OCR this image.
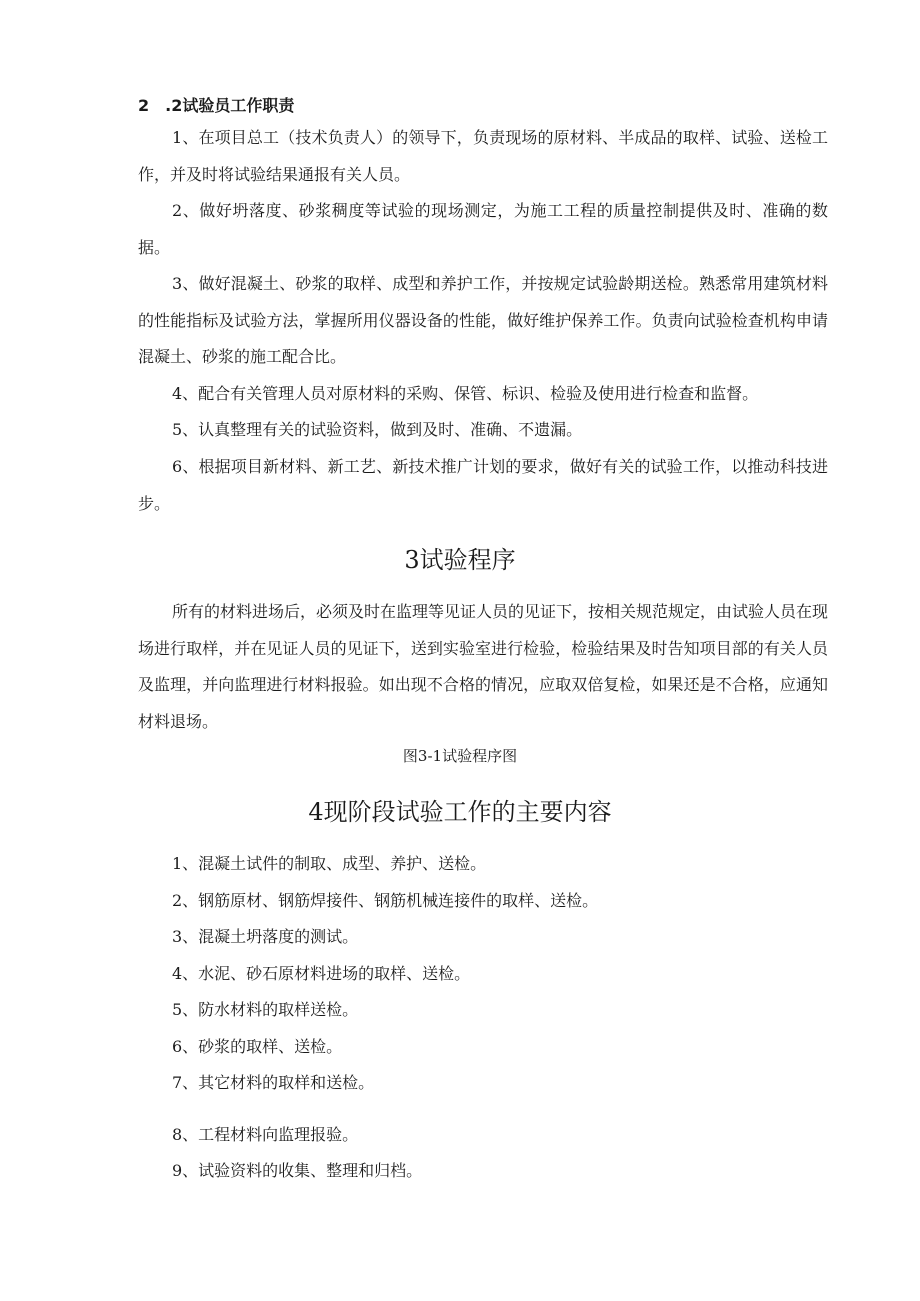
2　.2试验员工作职责
1、在项目总工（技术负责人）的领导下，负责现场的原材料、半成品的取样、试验、送检工作，并及时将试验结果通报有关人员。
2、做好坍落度、砂浆稠度等试验的现场测定，为施工工程的质量控制提供及时、准确的数据。
3、做好混凝土、砂浆的取样、成型和养护工作，并按规定试验龄期送检。熟悉常用建筑材料的性能指标及试验方法，掌握所用仪器设备的性能，做好维护保养工作。负责向试验检查机构申请混凝土、砂浆的施工配合比。
4、配合有关管理人员对原材料的采购、保管、标识、检验及使用进行检查和监督。
5、认真整理有关的试验资料，做到及时、准确、不遗漏。
6、根据项目新材料、新工艺、新技术推广计划的要求，做好有关的试验工作，以推动科技进步。
3试验程序
所有的材料进场后，必须及时在监理等见证人员的见证下，按相关规范规定，由试验人员在现场进行取样，并在见证人员的见证下，送到实验室进行检验，检验结果及时告知项目部的有关人员及监理，并向监理进行材料报验。如出现不合格的情况，应取双倍复检，如果还是不合格，应通知材料退场。
图3-1试验程序图
4现阶段试验工作的主要内容
1、混凝土试件的制取、成型、养护、送检。
2、钢筋原材、钢筋焊接件、钢筋机械连接件的取样、送检。
3、混凝土坍落度的测试。
4、水泥、砂石原材料进场的取样、送检。
5、防水材料的取样送检。
6、砂浆的取样、送检。
7、其它材料的取样和送检。
8、工程材料向监理报验。
9、试验资料的收集、整理和归档。
